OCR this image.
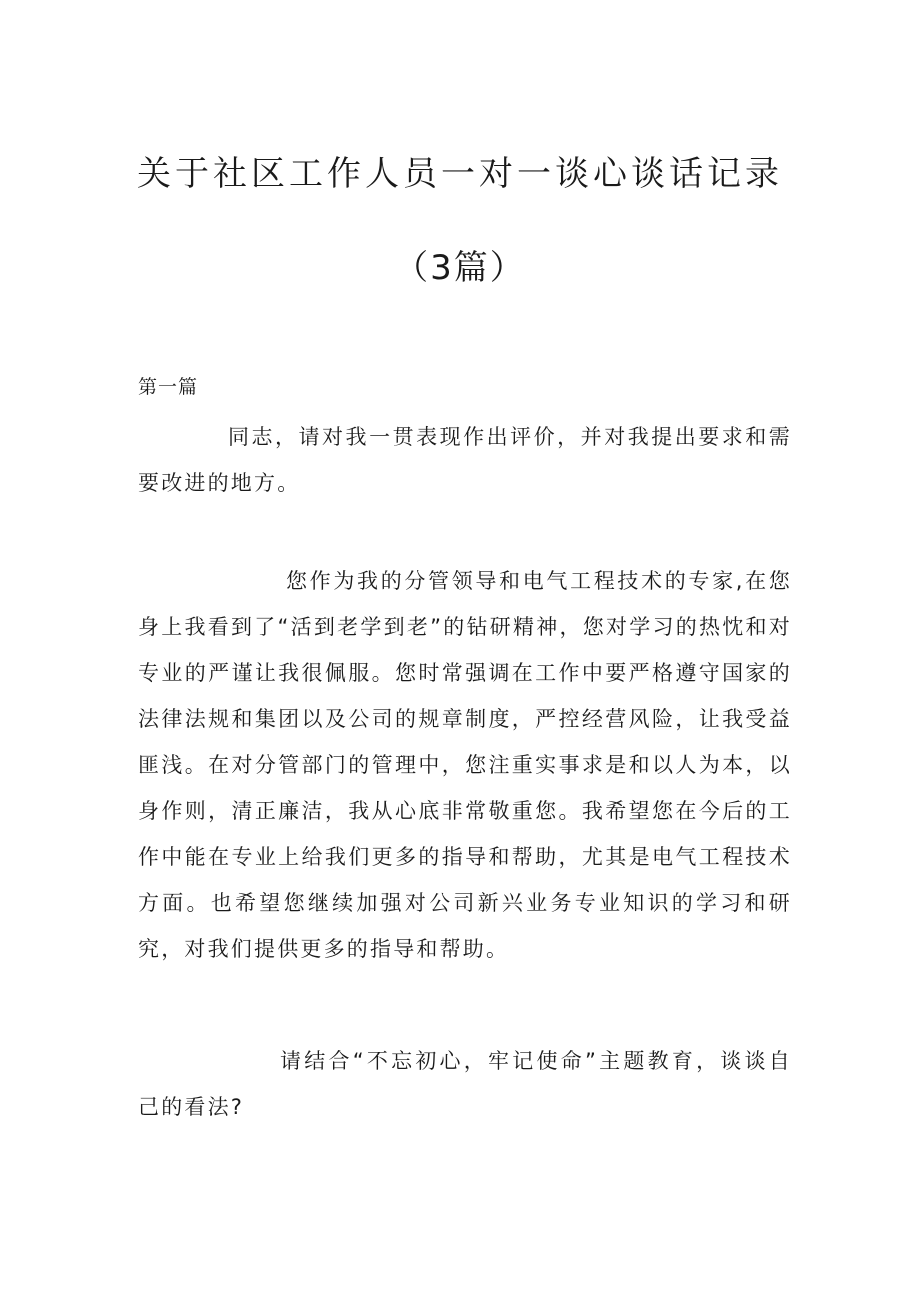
关于社区工作人员一对一谈心谈话记录
（3篇）

第一篇

同志，请对我一贯表现作出评价，并对我提出要求和需要改进的地方。

您作为我的分管领导和电气工程技术的专家,在您身上我看到了“活到老学到老”的钻研精神，您对学习的热忱和对专业的严谨让我很佩服。您时常强调在工作中要严格遵守国家的法律法规和集团以及公司的规章制度，严控经营风险，让我受益匪浅。在对分管部门的管理中，您注重实事求是和以人为本，以身作则，清正廉洁，我从心底非常敬重您。我希望您在今后的工作中能在专业上给我们更多的指导和帮助，尤其是电气工程技术方面。也希望您继续加强对公司新兴业务专业知识的学习和研究，对我们提供更多的指导和帮助。

请结合“不忘初心，牢记使命”主题教育，谈谈自己的看法?
